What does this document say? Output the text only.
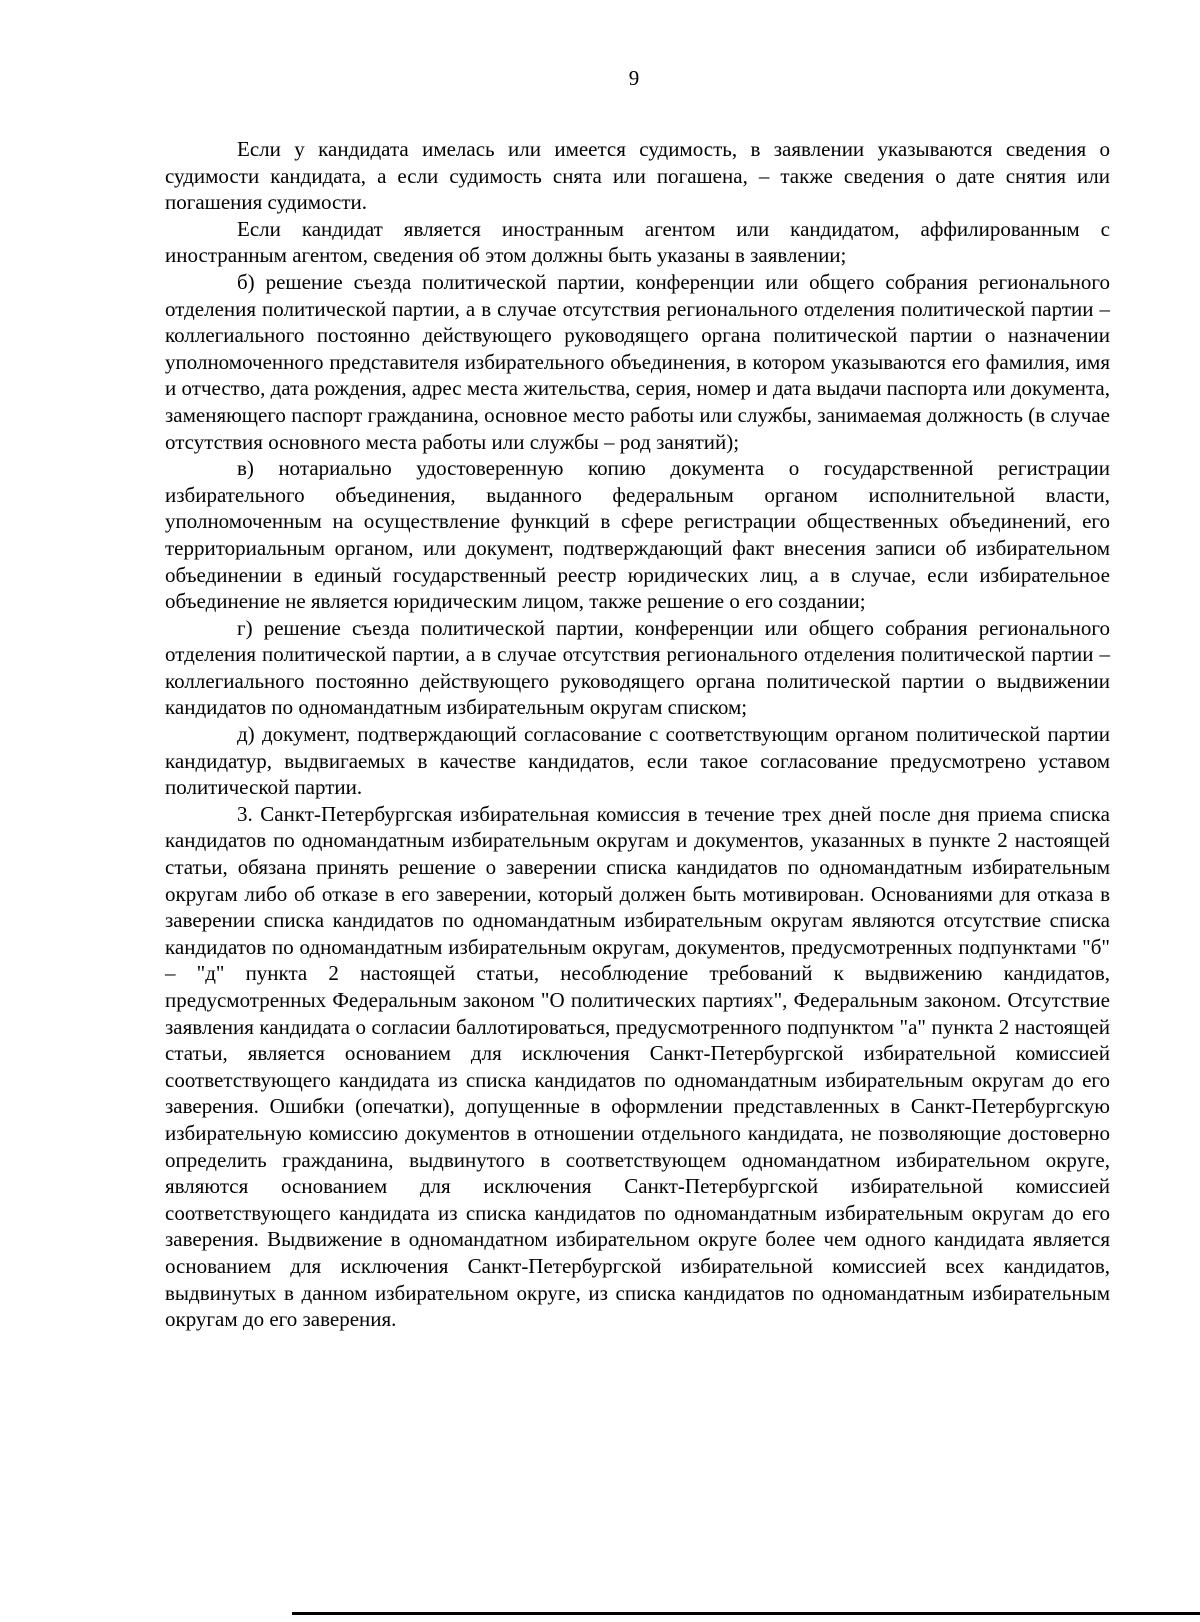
9

Если у кандидата имелась или имеется судимость, в заявлении указываются сведения о судимости кандидата, а если судимость снята или погашена, – также сведения о дате снятия или погашения судимости.

Если кандидат является иностранным агентом или кандидатом, аффилированным с иностранным агентом, сведения об этом должны быть указаны в заявлении;

б) решение съезда политической партии, конференции или общего собрания регионального отделения политической партии, а в случае отсутствия регионального отделения политической партии – коллегиального постоянно действующего руководящего органа политической партии о назначении уполномоченного представителя избирательного объединения, в котором указываются его фамилия, имя и отчество, дата рождения, адрес места жительства, серия, номер и дата выдачи паспорта или документа, заменяющего паспорт гражданина, основное место работы или службы, занимаемая должность (в случае отсутствия основного места работы или службы – род занятий);

в) нотариально удостоверенную копию документа о государственной регистрации избирательного объединения, выданного федеральным органом исполнительной власти, уполномоченным на осуществление функций в сфере регистрации общественных объединений, его территориальным органом, или документ, подтверждающий факт внесения записи об избирательном объединении в единый государственный реестр юридических лиц, а в случае, если избирательное объединение не является юридическим лицом, также решение о его создании;

г) решение съезда политической партии, конференции или общего собрания регионального отделения политической партии, а в случае отсутствия регионального отделения политической партии – коллегиального постоянно действующего руководящего органа политической партии о выдвижении кандидатов по одномандатным избирательным округам списком;

д) документ, подтверждающий согласование с соответствующим органом политической партии кандидатур, выдвигаемых в качестве кандидатов, если такое согласование предусмотрено уставом политической партии.

3. Санкт-Петербургская избирательная комиссия в течение трех дней после дня приема списка кандидатов по одномандатным избирательным округам и документов, указанных в пункте 2 настоящей статьи, обязана принять решение о заверении списка кандидатов по одномандатным избирательным округам либо об отказе в его заверении, который должен быть мотивирован. Основаниями для отказа в заверении списка кандидатов по одномандатным избирательным округам являются отсутствие списка кандидатов по одномандатным избирательным округам, документов, предусмотренных подпунктами "б" – "д" пункта 2 настоящей статьи, несоблюдение требований к выдвижению кандидатов, предусмотренных Федеральным законом "О политических партиях", Федеральным законом. Отсутствие заявления кандидата о согласии баллотироваться, предусмотренного подпунктом "а" пункта 2 настоящей статьи, является основанием для исключения Санкт-Петербургской избирательной комиссией соответствующего кандидата из списка кандидатов по одномандатным избирательным округам до его заверения. Ошибки (опечатки), допущенные в оформлении представленных в Санкт-Петербургскую избирательную комиссию документов в отношении отдельного кандидата, не позволяющие достоверно определить гражданина, выдвинутого в соответствующем одномандатном избирательном округе, являются основанием для исключения Санкт-Петербургской избирательной комиссией соответствующего кандидата из списка кандидатов по одномандатным избирательным округам до его заверения. Выдвижение в одномандатном избирательном округе более чем одного кандидата является основанием для исключения Санкт-Петербургской избирательной комиссией всех кандидатов, выдвинутых в данном избирательном округе, из списка кандидатов по одномандатным избирательным округам до его заверения.
